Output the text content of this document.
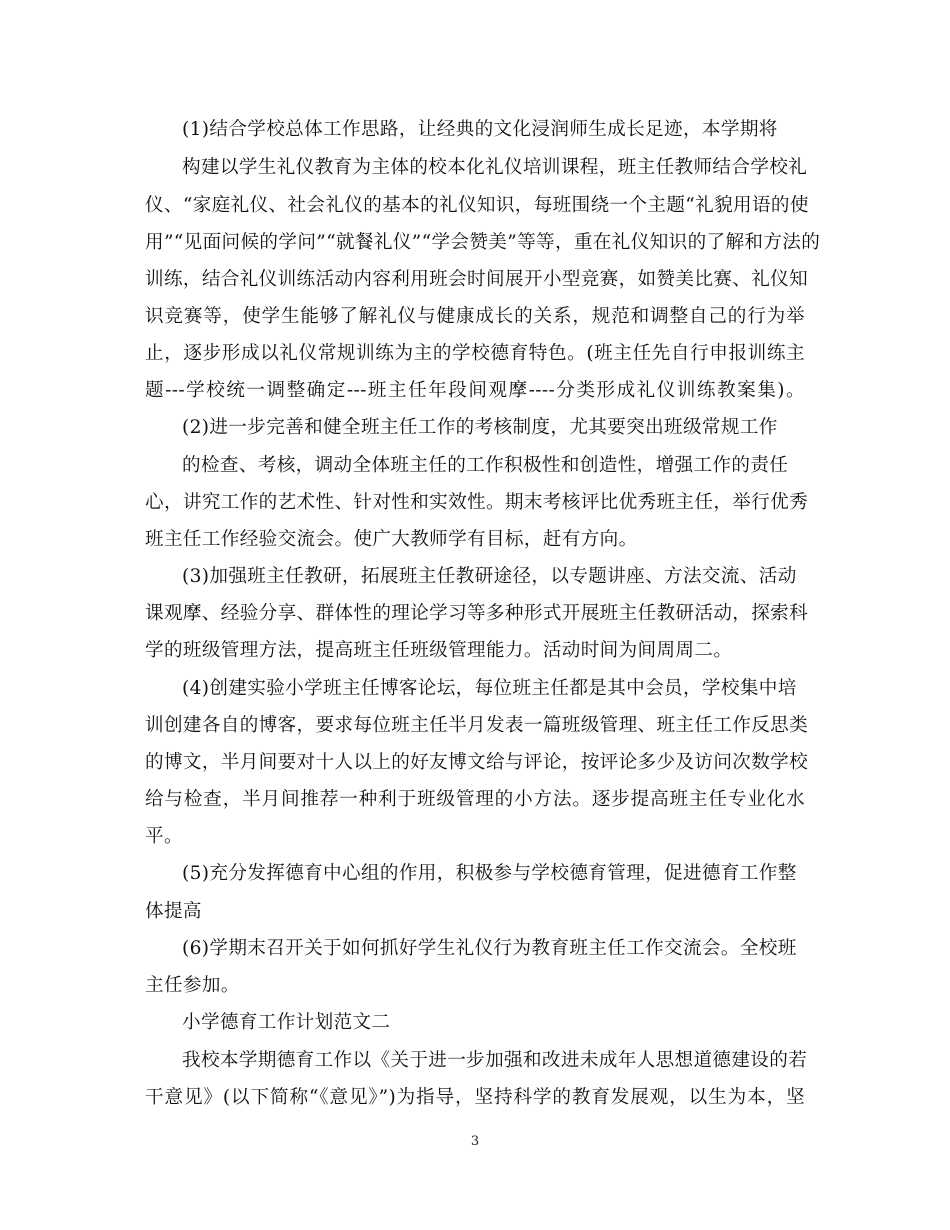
(1)结合学校总体工作思路，让经典的文化浸润师生成长足迹，本学期将
构建以学生礼仪教育为主体的校本化礼仪培训课程，班主任教师结合学校礼
仪、“家庭礼仪、社会礼仪的基本的礼仪知识，每班围绕一个主题“礼貌用语的使
用”“见面问候的学问”“就餐礼仪”“学会赞美”等等，重在礼仪知识的了解和方法的
训练，结合礼仪训练活动内容利用班会时间展开小型竞赛，如赞美比赛、礼仪知
识竞赛等，使学生能够了解礼仪与健康成长的关系，规范和调整自己的行为举
止，逐步形成以礼仪常规训练为主的学校德育特色。(班主任先自行申报训练主
题---学校统一调整确定---班主任年段间观摩----分类形成礼仪训练教案集)。
(2)进一步完善和健全班主任工作的考核制度，尤其要突出班级常规工作
的检查、考核，调动全体班主任的工作积极性和创造性，增强工作的责任
心，讲究工作的艺术性、针对性和实效性。期末考核评比优秀班主任，举行优秀
班主任工作经验交流会。使广大教师学有目标，赶有方向。
(3)加强班主任教研，拓展班主任教研途径，以专题讲座、方法交流、活动
课观摩、经验分享、群体性的理论学习等多种形式开展班主任教研活动，探索科
学的班级管理方法，提高班主任班级管理能力。活动时间为间周周二。
(4)创建实验小学班主任博客论坛，每位班主任都是其中会员，学校集中培
训创建各自的博客，要求每位班主任半月发表一篇班级管理、班主任工作反思类
的博文，半月间要对十人以上的好友博文给与评论，按评论多少及访问次数学校
给与检查，半月间推荐一种利于班级管理的小方法。逐步提高班主任专业化水
平。
(5)充分发挥德育中心组的作用，积极参与学校德育管理，促进德育工作整
体提高
(6)学期末召开关于如何抓好学生礼仪行为教育班主任工作交流会。全校班
主任参加。
小学德育工作计划范文二
我校本学期德育工作以《关于进一步加强和改进未成年人思想道德建设的若
干意见》(以下简称“《意见》”)为指导，坚持科学的教育发展观，以生为本，坚
3
